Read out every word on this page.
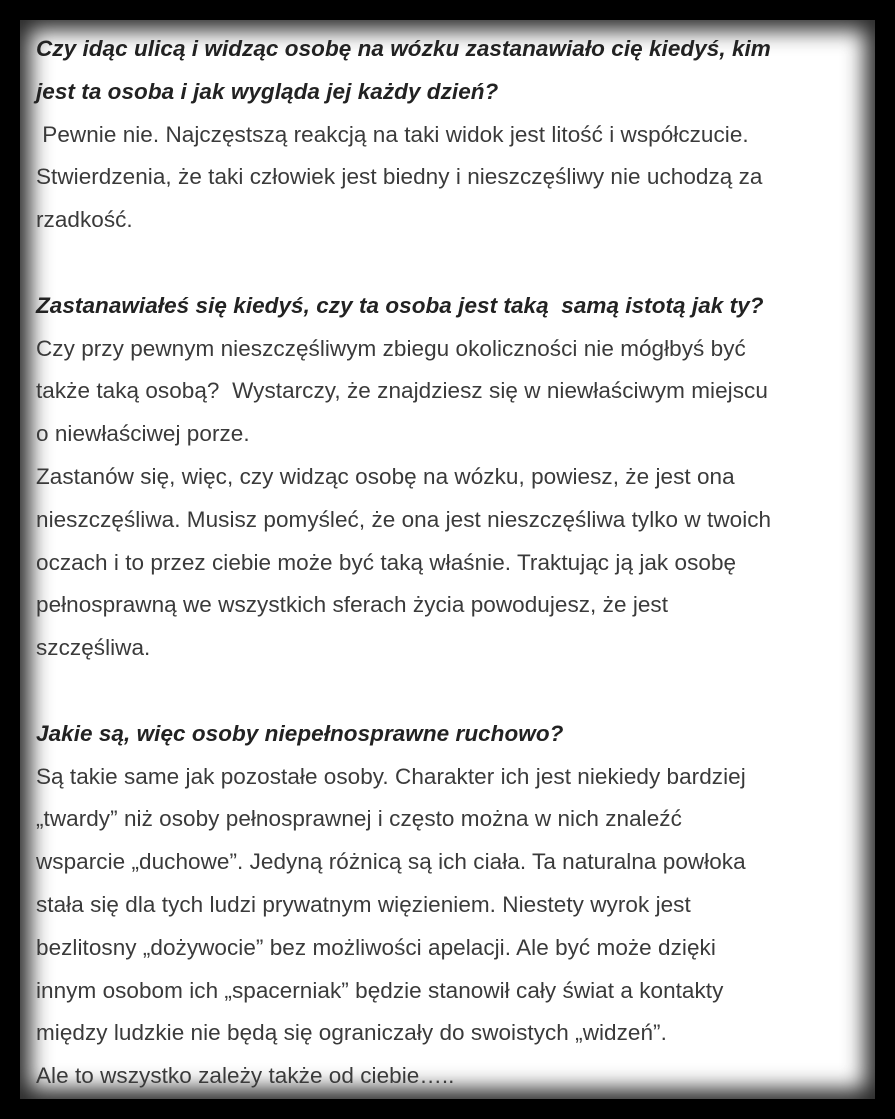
Czy idąc ulicą i widząc osobę na wózku zastanawiało cię kiedyś, kim
jest ta osoba i jak wygląda jej każdy dzień?
Pewnie nie. Najczęstszą reakcją na taki widok jest litość i współczucie.
Stwierdzenia, że taki człowiek jest biedny i nieszczęśliwy nie uchodzą za
rzadkość.
Zastanawiałeś się kiedyś, czy ta osoba jest taką  samą istotą jak ty?
Czy przy pewnym nieszczęśliwym zbiegu okoliczności nie mógłbyś być
także taką osobą?  Wystarczy, że znajdziesz się w niewłaściwym miejscu
o niewłaściwej porze.
Zastanów się, więc, czy widząc osobę na wózku, powiesz, że jest ona
nieszczęśliwa. Musisz pomyśleć, że ona jest nieszczęśliwa tylko w twoich
oczach i to przez ciebie może być taką właśnie. Traktując ją jak osobę
pełnosprawną we wszystkich sferach życia powodujesz, że jest
szczęśliwa.
Jakie są, więc osoby niepełnosprawne ruchowo?
Są takie same jak pozostałe osoby. Charakter ich jest niekiedy bardziej
„twardy” niż osoby pełnosprawnej i często można w nich znaleźć
wsparcie „duchowe”. Jedyną różnicą są ich ciała. Ta naturalna powłoka
stała się dla tych ludzi prywatnym więzieniem. Niestety wyrok jest
bezlitosny „dożywocie” bez możliwości apelacji. Ale być może dzięki
innym osobom ich „spacerniak” będzie stanowił cały świat a kontakty
między ludzkie nie będą się ograniczały do swoistych „widzeń”.
Ale to wszystko zależy także od ciebie…..
